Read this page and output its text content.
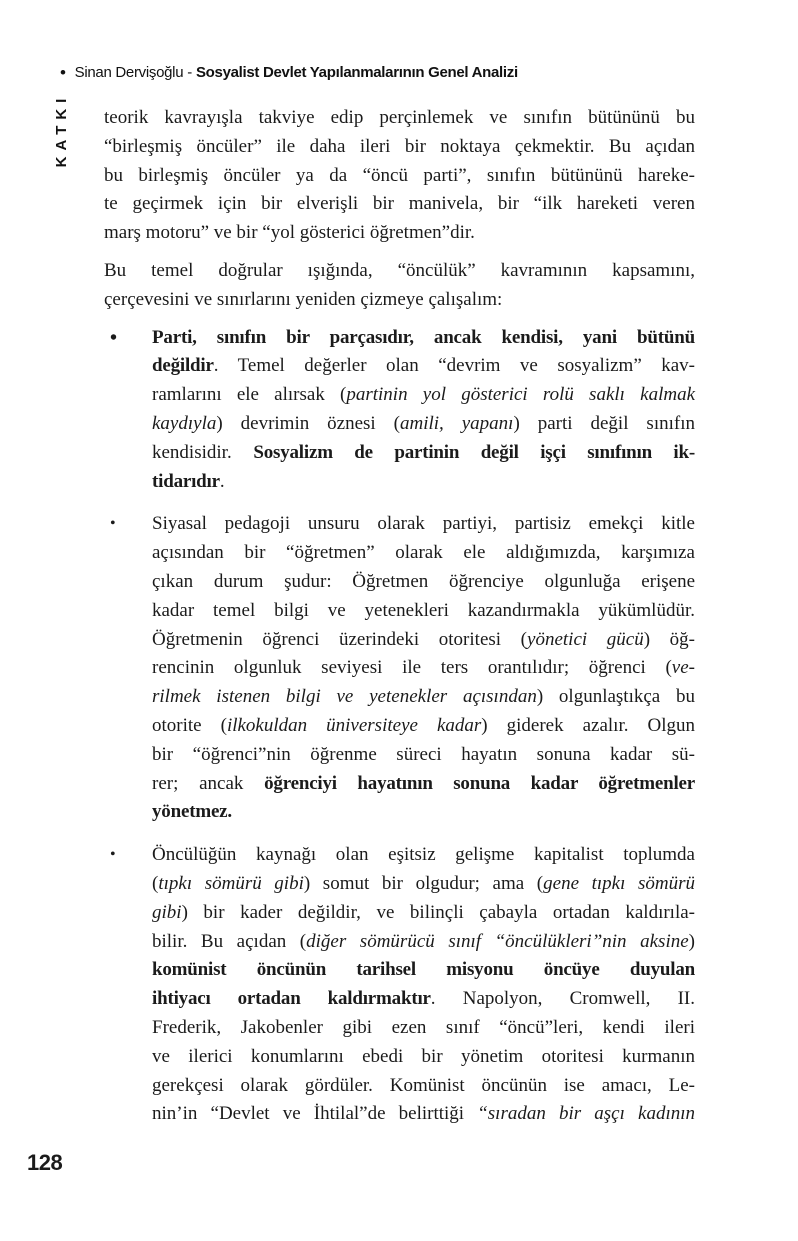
• Sinan Dervişoğlu - Sosyalist Devlet Yapılanmalarının Genel Analizi
KATKI teorik kavrayışla takviye edip perçinlemek ve sınıfın bütününü bu
“birleşmiş öncüler” ile daha ileri bir noktaya çekmektir. Bu açıdan
bu birleşmiş öncüler ya da “öncü parti”, sınıfın bütününü hareke-
te geçirmek için bir elverişli bir manivela, bir “ilk hareketi veren
marş motoru” ve bir “yol gösterici öğretmen”dir.
Bu temel doğrular ışığında, “öncülük” kavramının kapsamını,
çerçevesini ve sınırlarını yeniden çizmeye çalışalım:
• Parti, sınıfın bir parçasıdır, ancak kendisi, yani bütünü
değildir. Temel değerler olan “devrim ve sosyalizm” kav-
ramlarını ele alırsak (partinin yol gösterici rolü saklı kalmak
kaydıyla) devrimin öznesi (amili, yapanı) parti değil sınıfın
kendisidir. Sosyalizm de partinin değil işçi sınıfının ik-
tidarıdır.
• Siyasal pedagoji unsuru olarak partiyi, partisiz emekçi kitle
açısından bir “öğretmen” olarak ele aldığımızda, karşımıza
çıkan durum şudur: Öğretmen öğrenciye olgunluğa erişene
kadar temel bilgi ve yetenekleri kazandırmakla yükümlüdür.
Öğretmenin öğrenci üzerindeki otoritesi (yönetici gücü) öğ-
rencinin olgunluk seviyesi ile ters orantılıdır; öğrenci (ve-
rilmek istenen bilgi ve yetenekler açısından) olgunlaştıkça bu
otorite (ilkokuldan üniversiteye kadar) giderek azalır. Olgun
bir “öğrenci”nin öğrenme süreci hayatın sonuna kadar sü-
rer; ancak öğrenciyi hayatının sonuna kadar öğretmenler
yönetmez.
• Öncülüğün kaynağı olan eşitsiz gelişme kapitalist toplumda
(tıpkı sömürü gibi) somut bir olgudur; ama (gene tıpkı sömürü
gibi) bir kader değildir, ve bilinçli çabayla ortadan kaldırıla-
bilir. Bu açıdan (diğer sömürücü sınıf “öncülükleri”nin aksine)
komünist öncünün tarihsel misyonu öncüye duyulan
ihtiyacı ortadan kaldırmaktır. Napolyon, Cromwell, II.
Frederik, Jakobenler gibi ezen sınıf “öncü”leri, kendi ileri
ve ilerici konumlarını ebedi bir yönetim otoritesi kurmanın
gerekçesi olarak gördüler. Komünist öncünün ise amacı, Le-
nin’in “Devlet ve İhtilal”de belirttiği “sıradan bir aşçı kadının
128
